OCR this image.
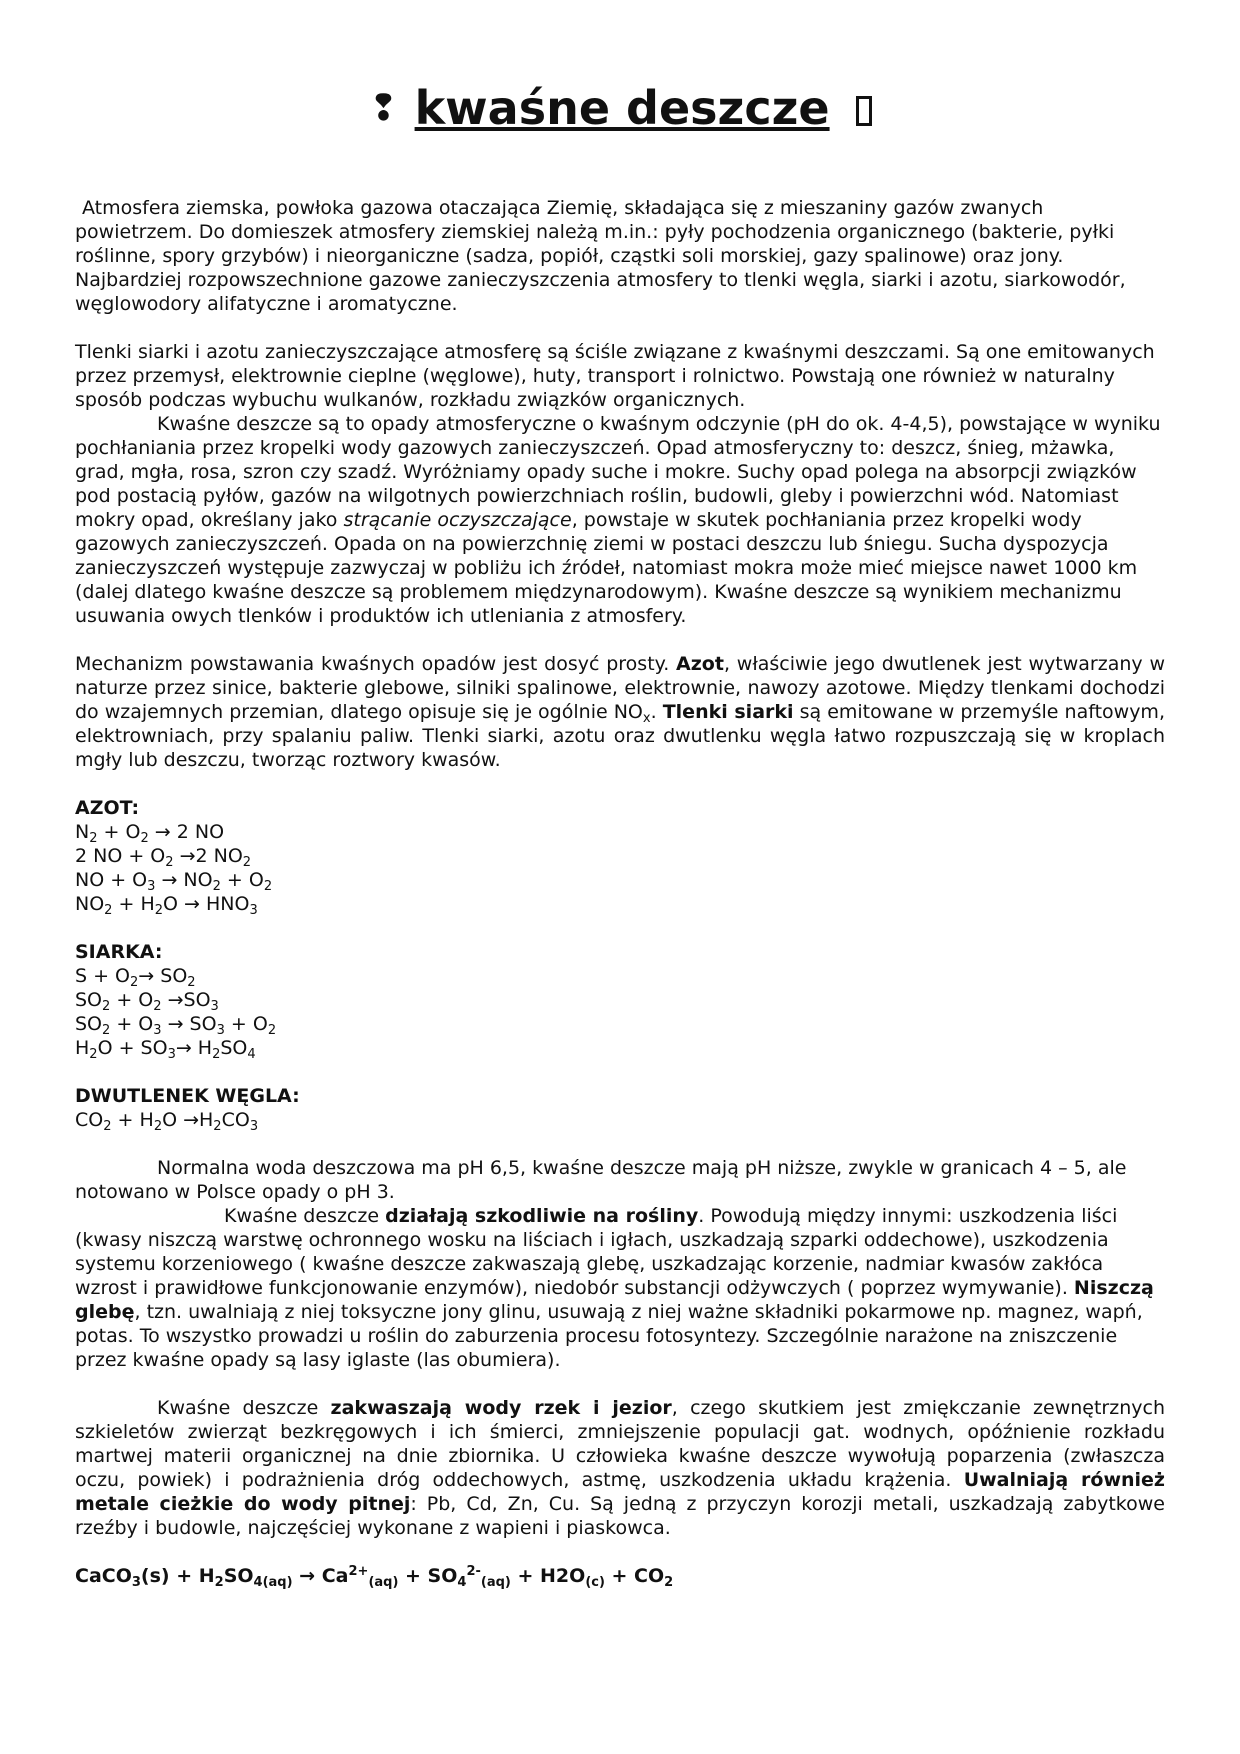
❢ kwaśne deszcze

Atmosfera ziemska, powłoka gazowa otaczająca Ziemię, składająca się z mieszaniny gazów zwanych powietrzem. Do domieszek atmosfery ziemskiej należą m.in.: pyły pochodzenia organicznego (bakterie, pyłki roślinne, spory grzybów) i nieorganiczne (sadza, popiół, cząstki soli morskiej, gazy spalinowe) oraz jony. Najbardziej rozpowszechnione gazowe zanieczyszczenia atmosfery to tlenki węgla, siarki i azotu, siarkowodór, węglowodory alifatyczne i aromatyczne.

Tlenki siarki i azotu zanieczyszczające atmosferę są ściśle związane z kwaśnymi deszczami. Są one emitowanych przez przemysł, elektrownie cieplne (węglowe), huty, transport i rolnictwo. Powstają one również w naturalny sposób podczas wybuchu wulkanów, rozkładu związków organicznych.

Kwaśne deszcze są to opady atmosferyczne o kwaśnym odczynie (pH do ok. 4-4,5), powstające w wyniku pochłaniania przez kropelki wody gazowych zanieczyszczeń. Opad atmosferyczny to: deszcz, śnieg, mżawka, grad, mgła, rosa, szron czy szadź. Wyróżniamy opady suche i mokre. Suchy opad polega na absorpcji związków pod postacią pyłów, gazów na wilgotnych powierzchniach roślin, budowli, gleby i powierzchni wód. Natomiast mokry opad, określany jako strącanie oczyszczające, powstaje w skutek pochłaniania przez kropelki wody gazowych zanieczyszczeń. Opada on na powierzchnię ziemi w postaci deszczu lub śniegu. Sucha dyspozycja zanieczyszczeń występuje zazwyczaj w pobliżu ich źródeł, natomiast mokra może mieć miejsce nawet 1000 km (dalej dlatego kwaśne deszcze są problemem międzynarodowym). Kwaśne deszcze są wynikiem mechanizmu usuwania owych tlenków i produktów ich utleniania z atmosfery.

Mechanizm powstawania kwaśnych opadów jest dosyć prosty. Azot, właściwie jego dwutlenek jest wytwarzany w naturze przez sinice, bakterie glebowe, silniki spalinowe, elektrownie, nawozy azotowe. Między tlenkami dochodzi do wzajemnych przemian, dlatego opisuje się je ogólnie $NO_x$. Tlenki siarki są emitowane w przemyśle naftowym, elektrowniach, przy spalaniu paliw. Tlenki siarki, azotu oraz dwutlenku węgla łatwo rozpuszczają się w kroplach mgły lub deszczu, tworząc roztwory kwasów.

AZOT:

$N_2 + O_2 \to 2$ NO

2 NO + $O_2 \to 2$ $NO_2$

NO + $O_3 \to NO_2 + O_2$

$NO_2 + H_2O \to HNO_3$

SIARKA:

$S + O_2\to SO_2$

$SO_2 + O_2 \to SO_3$

$SO_2 + O_3 \to SO_3 + O_2$

$H_2O + SO_3\to H_2SO_4$

DWUTLENEK WĘGLA:

$CO_2 + H_2O \to H_2CO_3$

Normalna woda deszczowa ma pH 6,5, kwaśne deszcze mają pH niższe, zwykle w granicach 4 – 5, ale notowano w Polsce opady o pH 3.

Kwaśne deszcze działają szkodliwie na rośliny. Powodują między innymi: uszkodzenia liści (kwasy niszczą warstwę ochronnego wosku na liściach i igłach, uszkadzają szparki oddechowe), uszkodzenia systemu korzeniowego ( kwaśne deszcze zakwaszają glebę, uszkadzając korzenie, nadmiar kwasów zakłóca wzrost i prawidłowe funkcjonowanie enzymów), niedobór substancji odżywczych ( poprzez wymywanie). Niszczą glebę, tzn. uwalniają z niej toksyczne jony glinu, usuwają z niej ważne składniki pokarmowe np. magnez, wapń, potas. To wszystko prowadzi u roślin do zaburzenia procesu fotosyntezy. Szczególnie narażone na zniszczenie przez kwaśne opady są lasy iglaste (las obumiera).

Kwaśne deszcze zakwaszają wody rzek i jezior, czego skutkiem jest zmiękczanie zewnętrznych szkieletów zwierząt bezkręgowych i ich śmierci, zmniejszenie populacji gat. wodnych, opóźnienie rozkładu martwej materii organicznej na dnie zbiornika. U człowieka kwaśne deszcze wywołują poparzenia (zwłaszcza oczu, powiek) i podrażnienia dróg oddechowych, astmę, uszkodzenia układu krążenia. Uwalniają również metale cieżkie do wody pitnej: Pb, Cd, Zn, Cu. Są jedną z przyczyn korozji metali, uszkadzają zabytkowe rzeźby i budowle, najczęściej wykonane z wapieni i piaskowca.

CaCO$_3$(s) + $H_2SO_{4(aq)} \to Ca^{2+}_{(aq)} + SO_4^{2-}_{(aq)} + H2O_{(c)} + CO_2$
